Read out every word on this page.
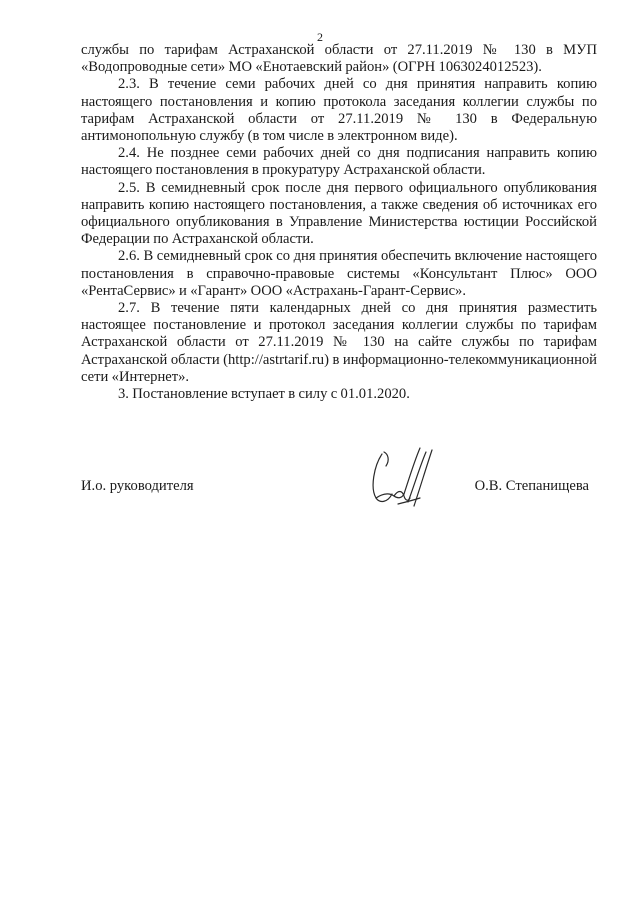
2

службы по тарифам Астраханской области от 27.11.2019 № 130 в МУП «Водопроводные сети» МО «Енотаевский район» (ОГРН 1063024012523).

2.3. В течение семи рабочих дней со дня принятия направить копию настоящего постановления и копию протокола заседания коллегии службы по тарифам Астраханской области от 27.11.2019 № 130 в Федеральную антимонопольную службу (в том числе в электронном виде).

2.4. Не позднее семи рабочих дней со дня подписания направить копию настоящего постановления в прокуратуру Астраханской области.

2.5. В семидневный срок после дня первого официального опубликования направить копию настоящего постановления, а также сведения об источниках его официального опубликования в Управление Министерства юстиции Российской Федерации по Астраханской области.

2.6. В семидневный срок со дня принятия обеспечить включение настоящего постановления в справочно-правовые системы «Консультант Плюс» ООО «РентаСервис» и «Гарант» ООО «Астрахань-Гарант-Сервис».

2.7. В течение пяти календарных дней со дня принятия разместить настоящее постановление и протокол заседания коллегии службы по тарифам Астраханской области от 27.11.2019 № 130 на сайте службы по тарифам Астраханской области (http://astrtarif.ru) в информационно-телекоммуникационной сети «Интернет».

3. Постановление вступает в силу с 01.01.2020.

И.о. руководителя	О.В. Степанищева
